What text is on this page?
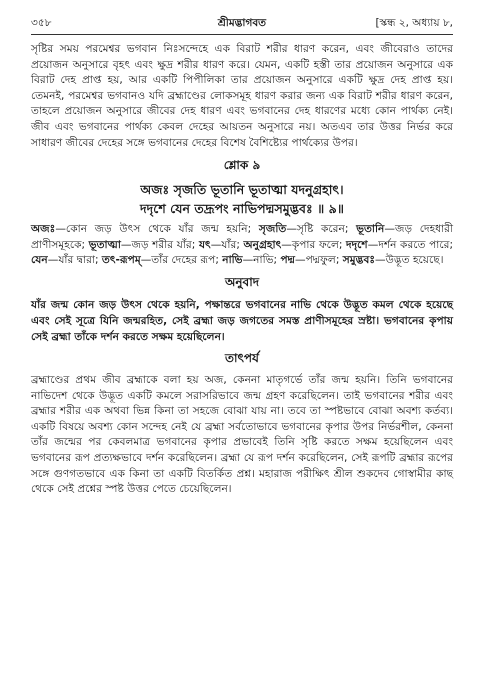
৩৫৮	শ্রীমদ্ভাগবত	[স্কন্ধ ২, অধ্যায় ৮,

সৃষ্টির সময় পরমেশ্বর ভগবান নিঃসন্দেহে এক বিরাট শরীর ধারণ করেন, এবং জীবেরাও তাদের প্রয়োজন অনুসারে বৃহৎ এবং ক্ষুদ্র শরীর ধারণ করে। যেমন, একটি হস্তী তার প্রয়োজন অনুসারে এক বিরাট দেহ প্রাপ্ত হয়, আর একটি পিপীলিকা তার প্রয়োজন অনুসারে একটি ক্ষুদ্র দেহ প্রাপ্ত হয়। তেমনই, পরমেশ্বর ভগবানও যদি ব্রহ্মাণ্ডের লোকসমূহ ধারণ করার জন্য এক বিরাট শরীর ধারণ করেন, তাহলে প্রয়োজন অনুসারে জীবের দেহ ধারণ এবং ভগবানের দেহ ধারণের মধ্যে কোন পার্থক্য নেই। জীব এবং ভগবানের পার্থক্য কেবল দেহের আয়তন অনুসারে নয়। অতএব তার উত্তর নির্ভর করে সাধারণ জীবের দেহের সঙ্গে ভগবানের দেহের বিশেষ বৈশিষ্ট্যের পার্থক্যের উপর।

শ্লোক ৯
অজঃ সৃজতি ভূতানি ভূতাত্মা যদনুগ্রহাৎ।
দদৃশে যেন তদ্রূপং নাভিপদ্মসমুদ্ভবঃ ॥ ৯॥

অজঃ—কোন জড় উৎস থেকে যাঁর জন্ম হয়নি; সৃজতি—সৃষ্টি করেন; ভূতানি—জড় দেহধারী প্রাণীসমূহকে; ভূতাত্মা—জড় শরীর যাঁর; যৎ—যাঁর; অনুগ্রহাৎ—কৃপার ফলে; দদৃশে—দর্শন করতে পারে; যেন—যাঁর দ্বারা; তৎ-রূপম্—তাঁর দেহের রূপ; নাভি—নাভি; পদ্ম—পদ্মফুল; সমুদ্ভবঃ—উদ্ভূত হয়েছে।

অনুবাদ

যাঁর জন্ম কোন জড় উৎস থেকে হয়নি, পক্ষান্তরে ভগবানের নাভি থেকে উদ্ভূত কমল থেকে হয়েছে এবং সেই সূত্রে যিনি জন্মরহিত, সেই ব্রহ্মা জড় জগতের সমস্ত প্রাণীসমূহের স্রষ্টা। ভগবানের কৃপায় সেই ব্রহ্মা তাঁকে দর্শন করতে সক্ষম হয়েছিলেন।

তাৎপর্য

ব্রহ্মাণ্ডের প্রথম জীব ব্রহ্মাকে বলা হয় অজ, কেননা মাতৃগর্ভে তাঁর জন্ম হয়নি। তিনি ভগবানের নাভিদেশ থেকে উদ্ভূত একটি কমলে সরাসরিভাবে জন্ম গ্রহণ করেছিলেন। তাই ভগবানের শরীর এবং ব্রহ্মার শরীর এক অথবা ভিন্ন কিনা তা সহজে বোঝা যায় না। তবে তা স্পষ্টভাবে বোঝা অবশ্য কর্তব্য। একটি বিষয়ে অবশ্য কোন সন্দেহ নেই যে ব্রহ্মা সর্বতোভাবে ভগবানের কৃপার উপর নির্ভরশীল, কেননা তাঁর জন্মের পর কেবলমাত্র ভগবানের কৃপার প্রভাবেই তিনি সৃষ্টি করতে সক্ষম হয়েছিলেন এবং ভগবানের রূপ প্রত্যক্ষভাবে দর্শন করেছিলেন। ব্রহ্মা যে রূপ দর্শন করেছিলেন, সেই রূপটি ব্রহ্মার রূপের সঙ্গে গুণগতভাবে এক কিনা তা একটি বিতর্কিত প্রশ্ন। মহারাজ পরীক্ষিৎ শ্রীল শুকদেব গোস্বামীর কাছ থেকে সেই প্রশ্নের স্পষ্ট উত্তর পেতে চেয়েছিলেন।
